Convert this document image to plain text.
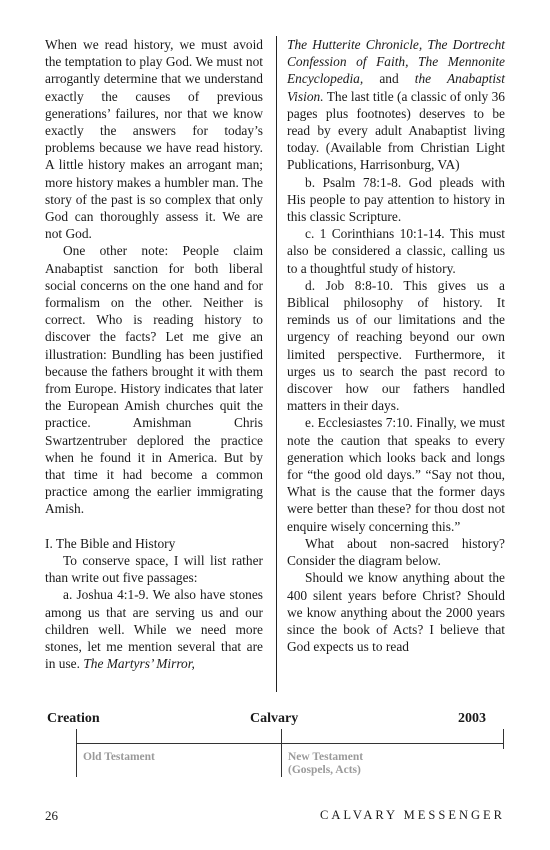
When we read history, we must avoid the temptation to play God. We must not arrogantly determine that we understand exactly the causes of previous generations’ failures, nor that we know exactly the answers for today’s problems because we have read history. A little history makes an arrogant man; more history makes a humbler man. The story of the past is so complex that only God can thoroughly assess it. We are not God.

One other note: People claim Anabaptist sanction for both liberal social concerns on the one hand and for formalism on the other. Neither is correct. Who is reading history to discover the facts? Let me give an illustration: Bundling has been justified because the fathers brought it with them from Europe. History indicates that later the European Amish churches quit the practice. Amishman Chris Swartzentruber deplored the practice when he found it in America. But by that time it had become a common practice among the earlier immigrating Amish.

I. The Bible and History

To conserve space, I will list rather than write out five passages:

a. Joshua 4:1-9. We also have stones among us that are serving us and our children well. While we need more stones, let me mention several that are in use. The Martyrs’ Mirror,

The Hutterite Chronicle, The Dortrecht Confession of Faith, The Mennonite Encyclopedia, and the Anabaptist Vision. The last title (a classic of only 36 pages plus footnotes) deserves to be read by every adult Anabaptist living today. (Available from Christian Light Publications, Harrisonburg, VA)

b. Psalm 78:1-8. God pleads with His people to pay attention to history in this classic Scripture.

c. 1 Corinthians 10:1-14. This must also be considered a classic, calling us to a thoughtful study of history.

d. Job 8:8-10. This gives us a Biblical philosophy of history. It reminds us of our limitations and the urgency of reaching beyond our own limited perspective. Furthermore, it urges us to search the past record to discover how our fathers handled matters in their days.

e. Ecclesiastes 7:10. Finally, we must note the caution that speaks to every generation which looks back and longs for “the good old days.” “Say not thou, What is the cause that the former days were better than these? for thou dost not enquire wisely concerning this.”

What about non-sacred history? Consider the diagram below.

Should we know anything about the 400 silent years before Christ? Should we know anything about the 2000 years since the book of Acts? I believe that God expects us to read

Creation	Calvary	2003
Old Testament	New Testament
(Gospels, Acts)
26	CALVARY MESSENGER
